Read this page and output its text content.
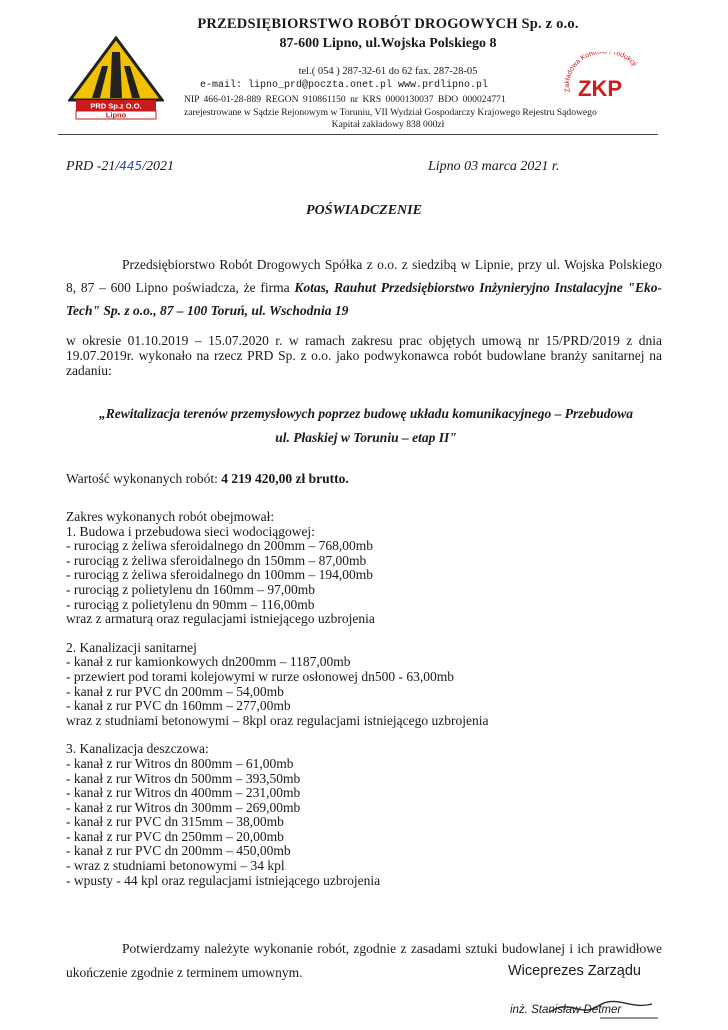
PRD Sp.z O.O.
Lipno
PRZEDSIĘBIORSTWO ROBÓT DROGOWYCH Sp. z o.o.
87-600 Lipno, ul.Wojska Polskiego 8
tel.( 054 ) 287-32-61 do 62 fax. 287-28-05
e-mail: lipno_prd@poczta.onet.pl www.prdlipno.pl
NIP 466-01-28-889 REGON 910861150 nr KRS 0000130037 BDO 000024771
zarejestrowane w Sądzie Rejonowym w Toruniu, VII Wydział Gospodarczy Krajowego Rejestru Sądowego
Kapitał zakładowy 838 000zł
Zakładowa Kontro Produkcji
ZKP
PRD -21/445/2021	Lipno 03 marca 2021 r.
POŚWIADCZENIE
Przedsiębiorstwo Robót Drogowych Spółka z o.o. z siedzibą w Lipnie, przy ul. Wojska Polskiego 8, 87 – 600 Lipno poświadcza, że firma Kotas, Rauhut Przedsiębiorstwo Inżynieryjno Instalacyjne "Eko-Tech" Sp. z o.o., 87 – 100 Toruń, ul. Wschodnia 19
w okresie 01.10.2019 – 15.07.2020 r. w ramach zakresu prac objętych umową nr 15/PRD/2019 z dnia 19.07.2019r. wykonało na rzecz PRD Sp. z o.o. jako podwykonawca robót budowlane branży sanitarnej na zadaniu:
„Rewitalizacja terenów przemysłowych poprzez budowę układu komunikacyjnego – Przebudowa ul. Płaskiej w Toruniu – etap II"
Wartość wykonanych robót: 4 219 420,00 zł brutto.
Zakres wykonanych robót obejmował:
1. Budowa i przebudowa sieci wodociągowej:
- rurociąg z żeliwa sferoidalnego dn 200mm – 768,00mb
- rurociąg z żeliwa sferoidalnego dn 150mm – 87,00mb
- rurociąg z żeliwa sferoidalnego dn 100mm – 194,00mb
- rurociąg z polietylenu dn 160mm – 97,00mb
- rurociąg z polietylenu dn 90mm – 116,00mb
wraz z armaturą oraz regulacjami istniejącego uzbrojenia
2. Kanalizacji sanitarnej
- kanał z rur kamionkowych dn200mm – 1187,00mb
- przewiert pod torami kolejowymi w rurze osłonowej dn500 - 63,00mb
- kanał z rur PVC dn 200mm – 54,00mb
- kanał z rur PVC dn 160mm – 277,00mb
wraz z studniami betonowymi – 8kpl oraz regulacjami istniejącego uzbrojenia
3. Kanalizacja deszczowa:
- kanał z rur Witros dn 800mm – 61,00mb
- kanał z rur Witros dn 500mm – 393,50mb
- kanał z rur Witros dn 400mm – 231,00mb
- kanał z rur Witros dn 300mm – 269,00mb
- kanał z rur PVC dn 315mm – 38,00mb
- kanał z rur PVC dn 250mm – 20,00mb
- kanał z rur PVC dn 200mm – 450,00mb
- wraz z studniami betonowymi – 34 kpl
- wpusty - 44 kpl oraz regulacjami istniejącego uzbrojenia
Potwierdzamy należyte wykonanie robót, zgodnie z zasadami sztuki budowlanej i ich prawidłowe ukończenie zgodnie z terminem umownym.	Wiceprezes Zarządu
inż. Stanisław Detmer
